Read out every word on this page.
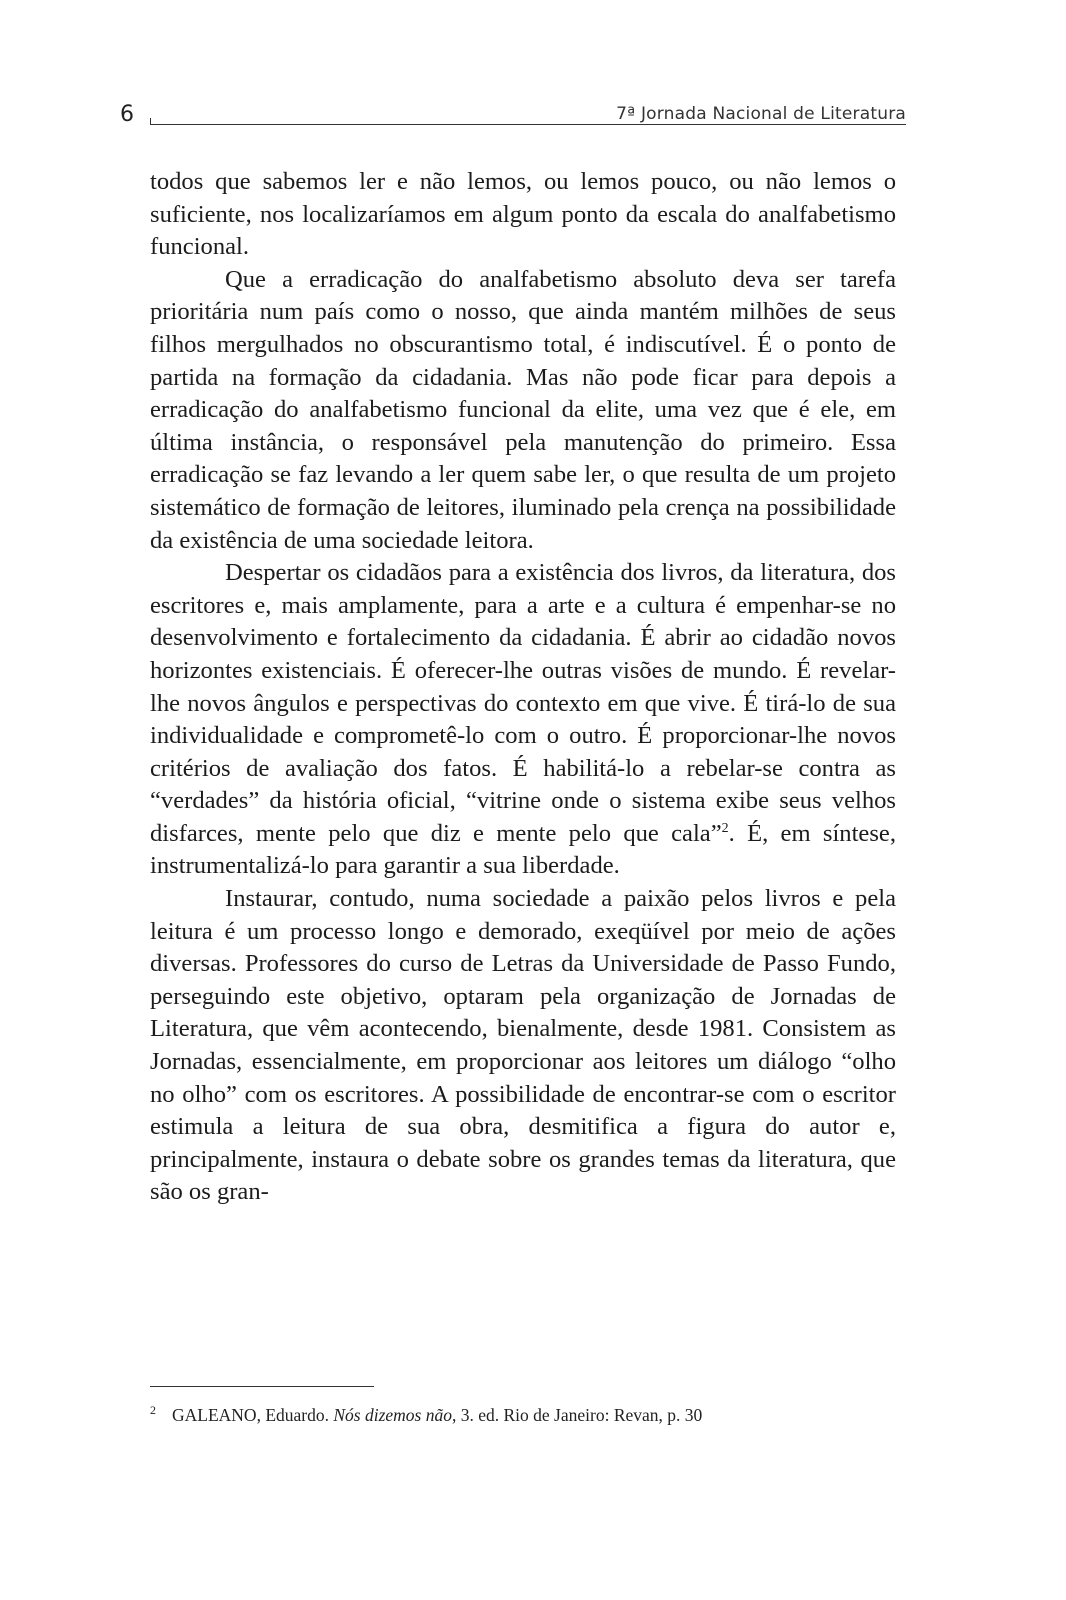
6	7ª Jornada Nacional de Literatura

todos que sabemos ler e não lemos, ou lemos pouco, ou não lemos o suficiente, nos localizaríamos em algum ponto da escala do analfabetismo funcional.

Que a erradicação do analfabetismo absoluto deva ser tarefa prioritária num país como o nosso, que ainda mantém milhões de seus filhos mergulhados no obscurantismo total, é indiscutível. É o ponto de partida na formação da cidadania. Mas não pode ficar para depois a erradicação do analfabetismo funcional da elite, uma vez que é ele, em última instância, o responsável pela manutenção do primeiro. Essa erradicação se faz levando a ler quem sabe ler, o que resulta de um projeto sistemático de formação de leitores, iluminado pela crença na possibilidade da existência de uma sociedade leitora.

Despertar os cidadãos para a existência dos livros, da literatura, dos escritores e, mais amplamente, para a arte e a cultura é empenhar-se no desenvolvimento e fortalecimento da cidadania. É abrir ao cidadão novos horizontes existenciais. É oferecer-lhe outras visões de mundo. É revelar-lhe novos ângulos e perspectivas do contexto em que vive. É tirá-lo de sua individualidade e comprometê-lo com o outro. É proporcionar-lhe novos critérios de avaliação dos fatos. É habilitá-lo a rebelar-se contra as “verdades” da história oficial, “vitrine onde o sistema exibe seus velhos disfarces, mente pelo que diz e mente pelo que cala”$^2$. É, em síntese, instrumentalizá-lo para garantir a sua liberdade.

Instaurar, contudo, numa sociedade a paixão pelos livros e pela leitura é um processo longo e demorado, exeqüível por meio de ações diversas. Professores do curso de Letras da Universidade de Passo Fundo, perseguindo este objetivo, optaram pela organização de Jornadas de Literatura, que vêm acontecendo, bienalmente, desde 1981. Consistem as Jornadas, essencialmente, em proporcionar aos leitores um diálogo “olho no olho” com os escritores. A possibilidade de encontrar-se com o escritor estimula a leitura de sua obra, desmitifica a figura do autor e, principalmente, instaura o debate sobre os grandes temas da literatura, que são os gran-

2 GALEANO, Eduardo. Nós dizemos não, 3. ed. Rio de Janeiro: Revan, p. 30
